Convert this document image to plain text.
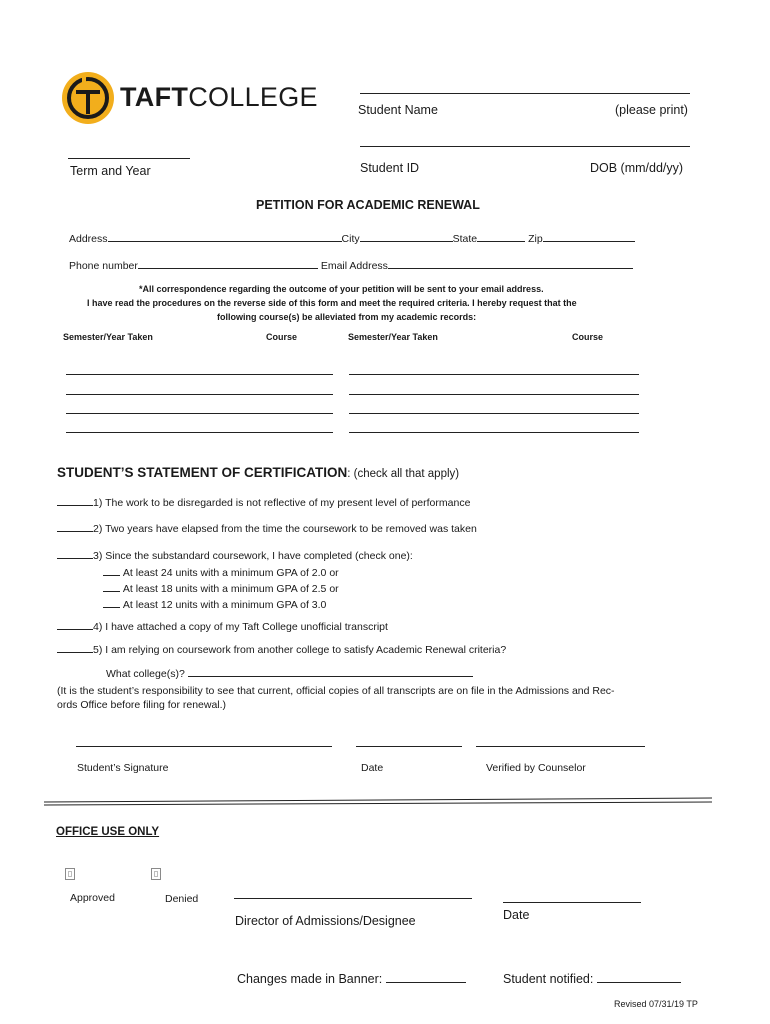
TAFTCOLLEGE	Student Name	(please print)
Student ID	DOB (mm/dd/yy)
Term and Year
PETITION FOR ACADEMIC RENEWAL
Address	City	State	Zip
Phone number	Email Address
*All correspondence regarding the outcome of your petition will be sent to your email address.
I have read the procedures on the reverse side of this form and meet the required criteria. I hereby request that the
following course(s) be alleviated from my academic records:
Semester/Year Taken	Course	Semester/Year Taken	Course
STUDENT’S STATEMENT OF CERTIFICATION: (check all that apply)
1) The work to be disregarded is not reflective of my present level of performance
2) Two years have elapsed from the time the coursework to be removed was taken
3) Since the substandard coursework, I have completed (check one):
At least 24 units with a minimum GPA of 2.0 or
At least 18 units with a minimum GPA of 2.5 or
At least 12 units with a minimum GPA of 3.0
4) I have attached a copy of my Taft College unofficial transcript
5) I am relying on coursework from another college to satisfy Academic Renewal criteria?
What college(s)?
(It is the student’s responsibility to see that current, official copies of all transcripts are on file in the Admissions and Rec-
ords Office before filing for renewal.)
Student’s Signature	Date	Verified by Counselor
OFFICE USE ONLY
Approved	Denied
Director of Admissions/Designee	Date
Changes made in Banner:	Student notified:
Revised 07/31/19 TP
